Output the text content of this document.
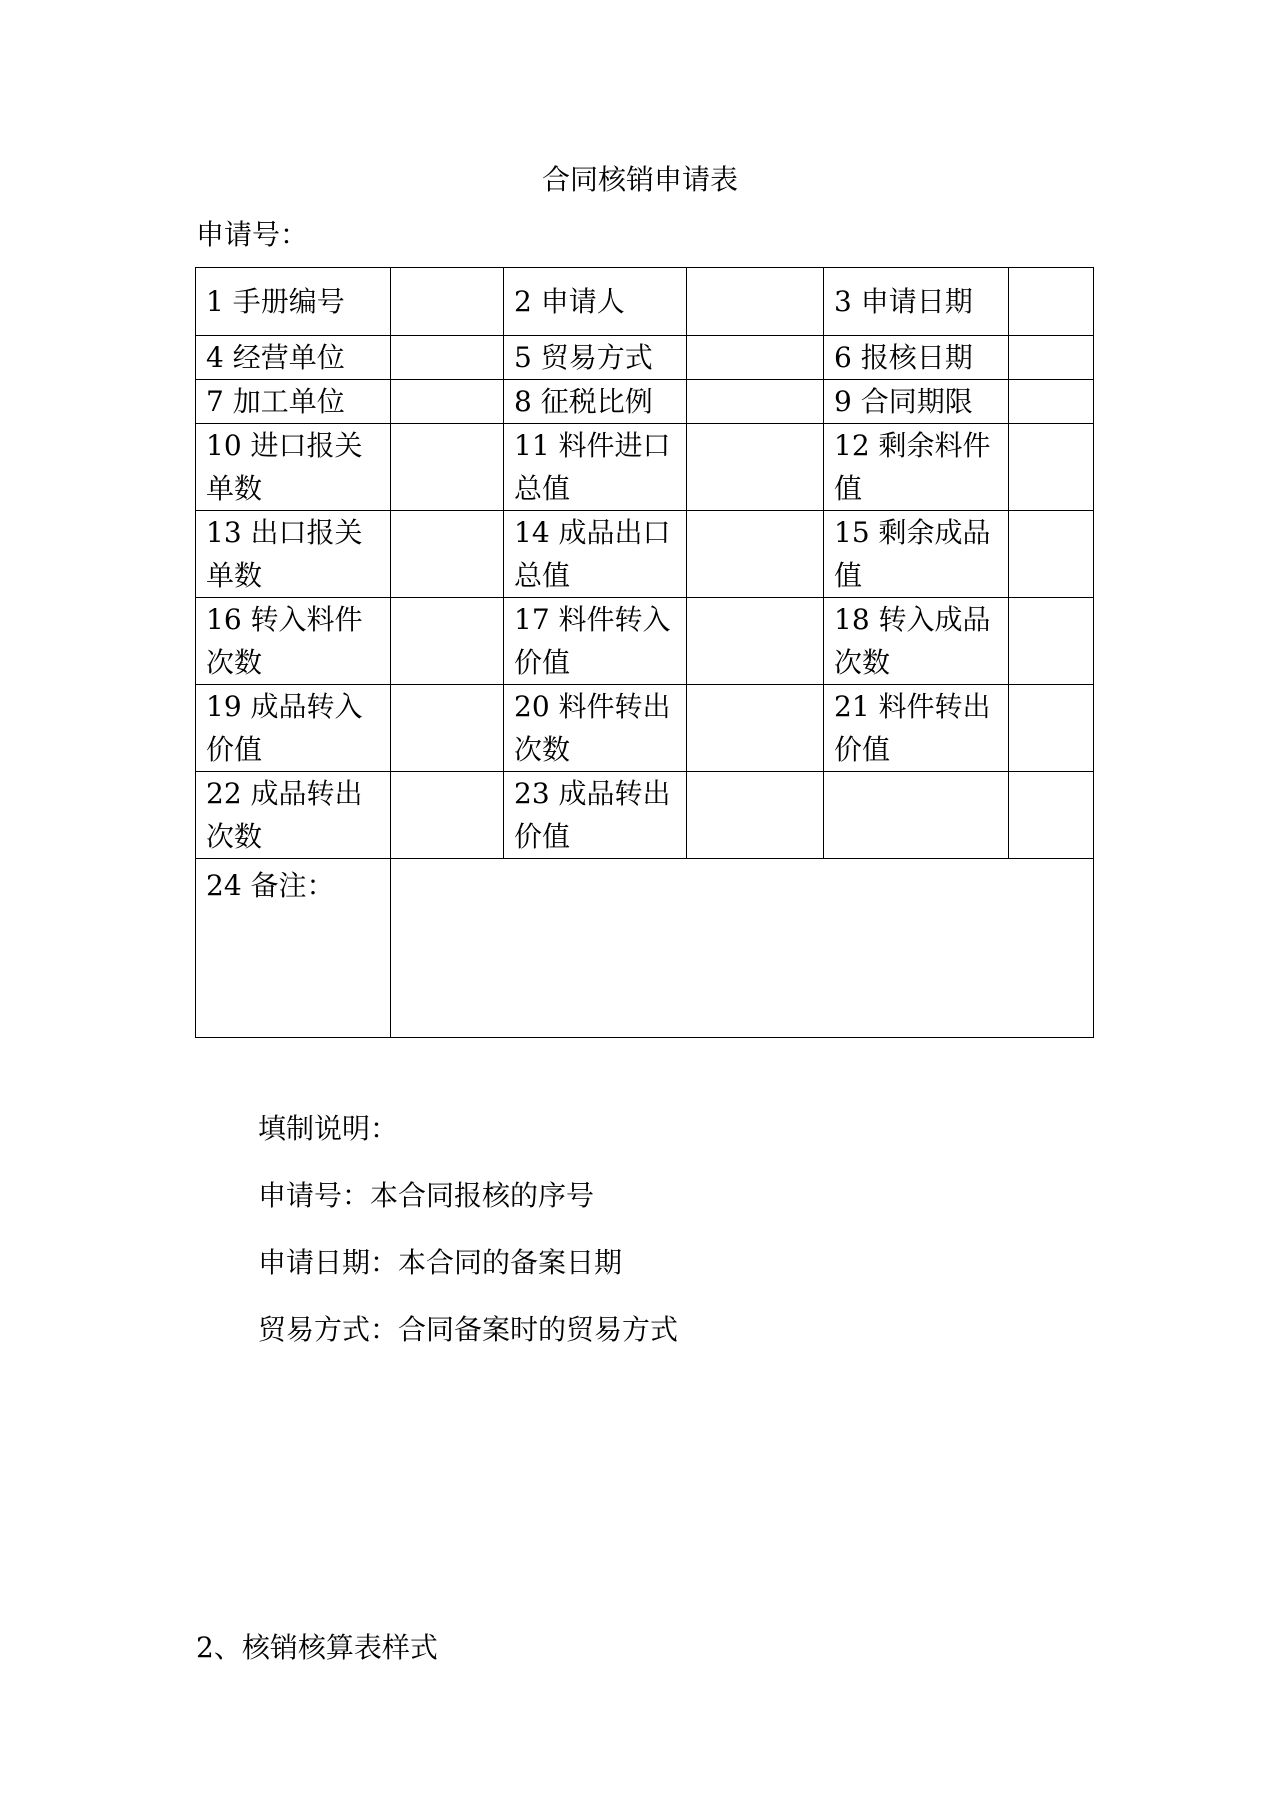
合同核销申请表
申请号：
1 手册编号		2 申请人		3 申请日期	
4 经营单位		5 贸易方式		6 报核日期	
7 加工单位		8 征税比例		9 合同期限	
10 进口报关单数		11 料件进口总值		12 剩余料件值	
13 出口报关单数		14 成品出口总值		15 剩余成品值	
16 转入料件次数		17 料件转入价值		18 转入成品次数	
19 成品转入价值		20 料件转出次数		21 料件转出价值	
22 成品转出次数		23 成品转出价值			
24 备注：					
填制说明：
申请号：本合同报核的序号
申请日期：本合同的备案日期
贸易方式：合同备案时的贸易方式
2、核销核算表样式
